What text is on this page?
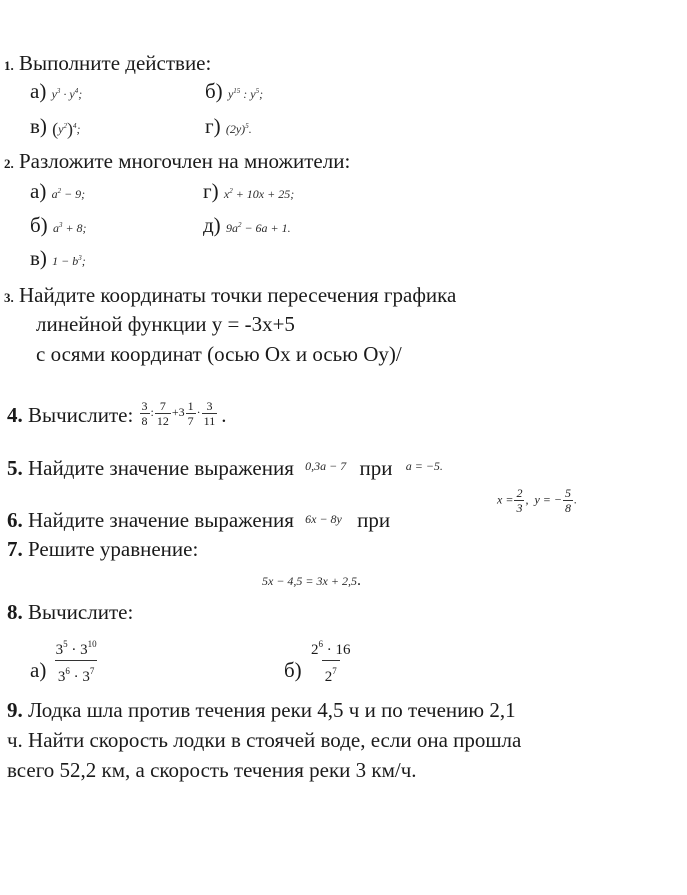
1. Выполните действие:
а) $y^3 \cdot y^4$;	б) $y^{15}$ : $y^5$;
в) $(y^2)^4$;	г) $(2y)^5$.
2. Разложите многочлен на множители:
а) $a^2 - 9$;	г) $x^2 + 10x + 25$;
б) $a^3 + 8$;	д) $9a^2 - 6a + 1$.
в) $1 - b^3$;
3. Найдите координаты точки пересечения графика
линейной функции у = -3х+5
с осями координат (осью Ох и осью Оу)/
4. Вычислите: $^{\frac{3}{8} : \frac{7}{12} +3 \frac{1}{7} \cdot \frac{3}{11}}$ .
5. Найдите значение выражения $^{0,3a - 7}$ при $^{a = -5.}$
6. Найдите значение выражения 6x − 8y при
$x = \frac{2}{3}$ , y = − $\frac{5}{8}$ .
7. Решите уравнение:
5x − 4,5 = 3x + 2,5.
8. Вычислите:
$а) \frac{3^5 \cdot 3^{10}}{3^6 \cdot 3^7}$	$б) \frac{2^6 \cdot 16}{2^7}$
9. Лодка шла против течения реки 4,5 ч и по течению 2,1
ч. Найти скорость лодки в стоячей воде, если она прошла
всего 52,2 км, а скорость течения реки 3 км/ч.
